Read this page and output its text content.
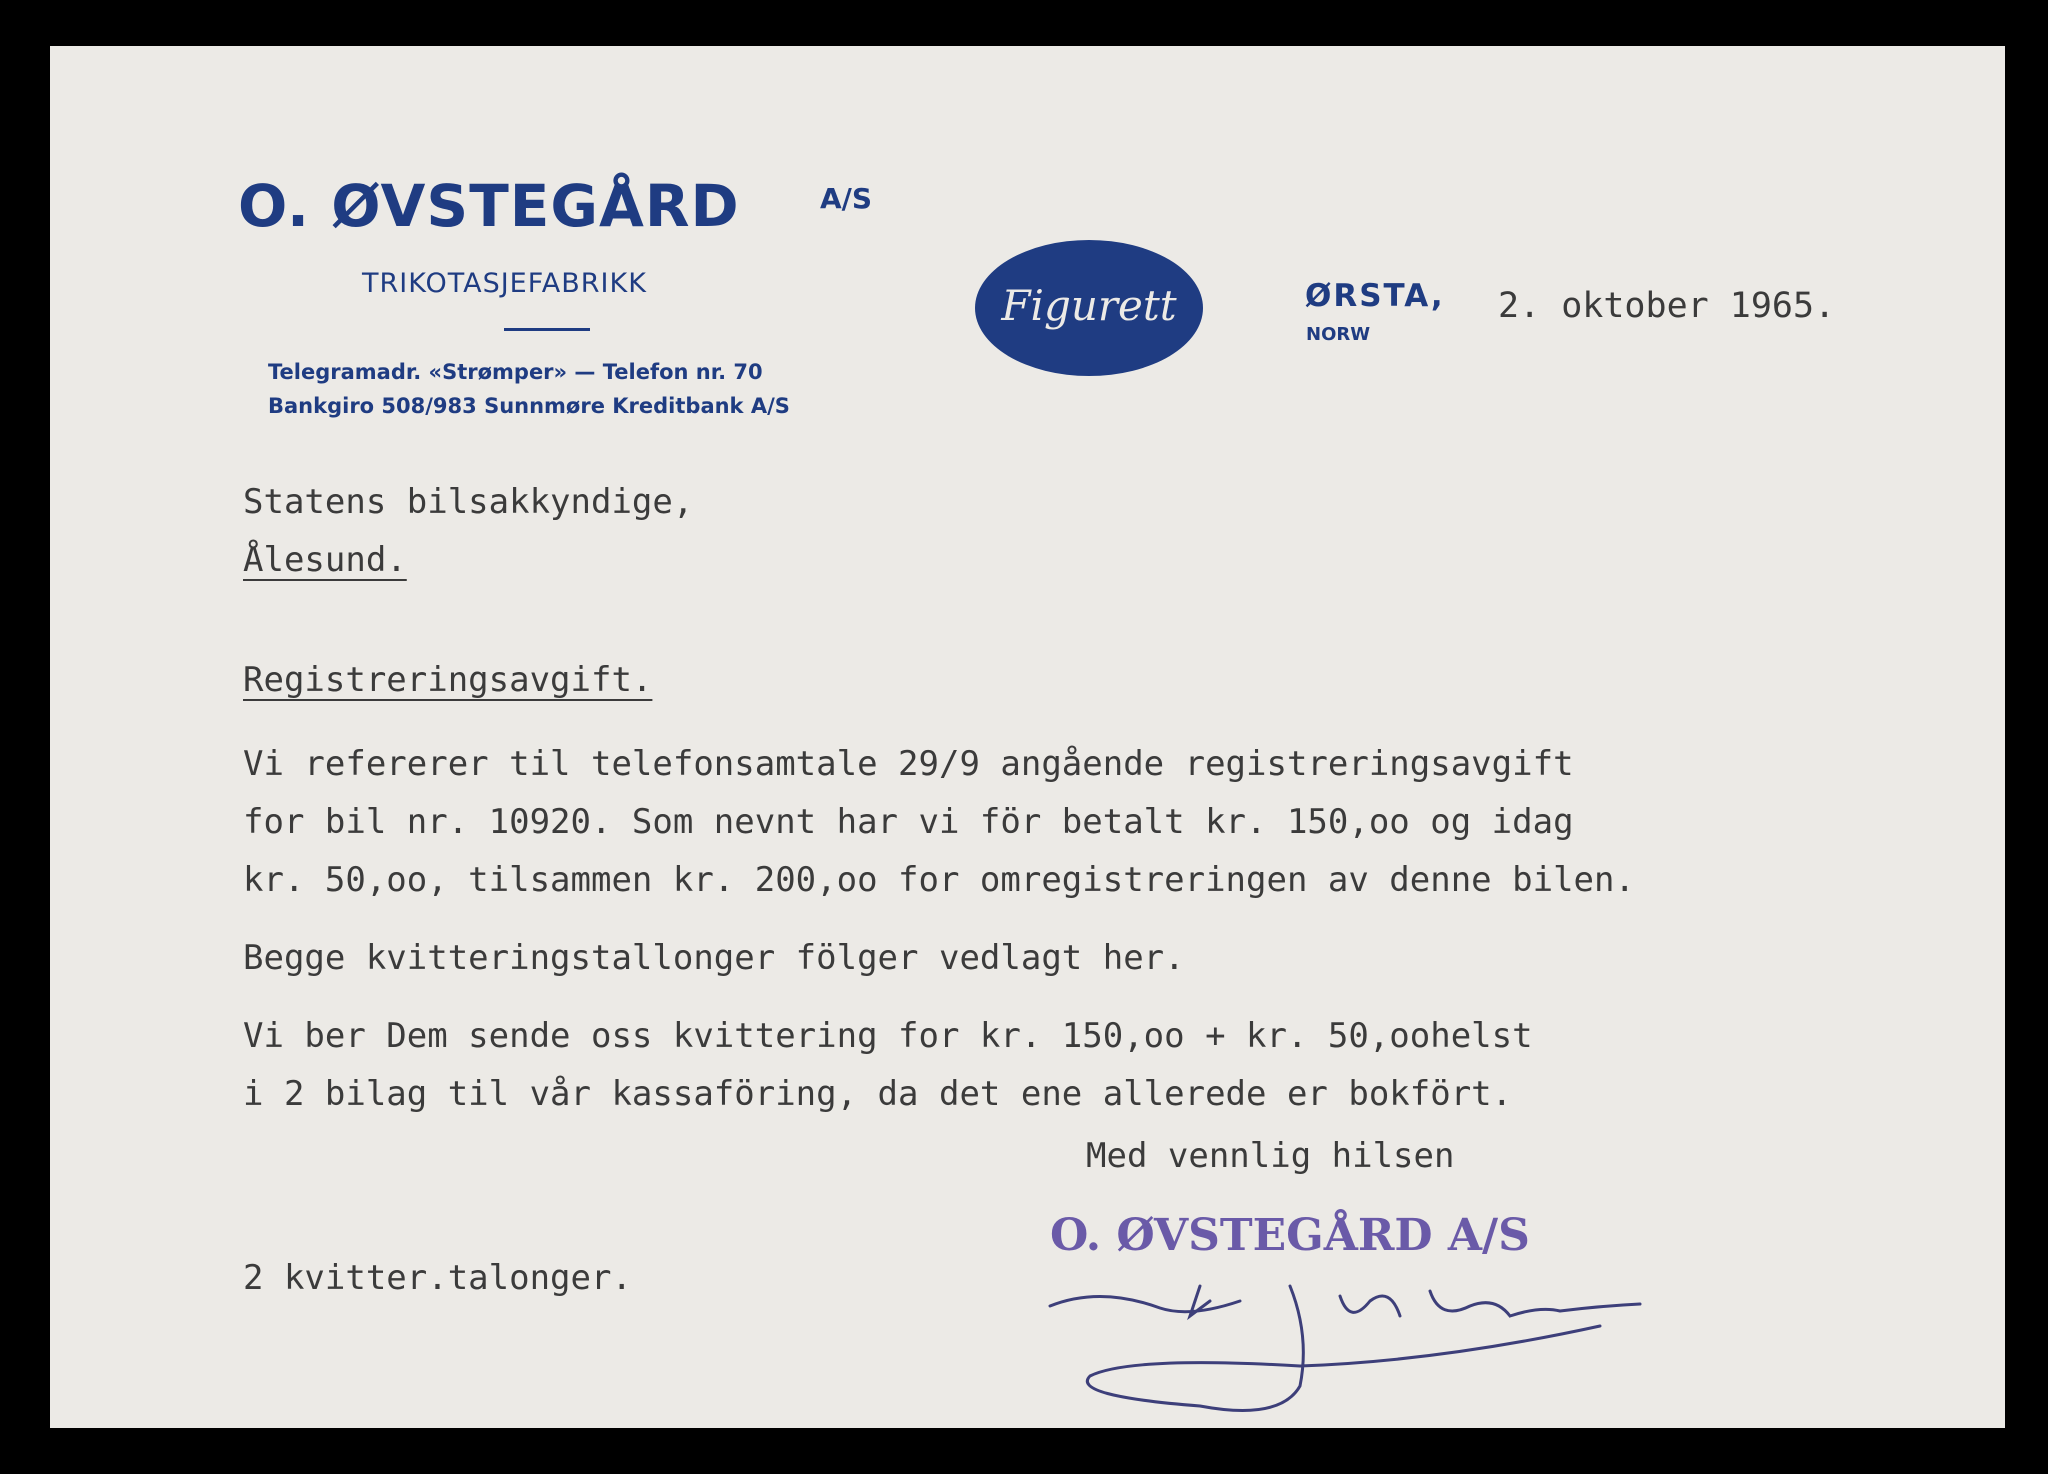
O. ØVSTEGÅRD	A/S
TRIKOTASJEFABRIKK
Telegramadr. «Strømper» — Telefon nr. 70
Bankgiro 508/983 Sunnmøre Kreditbank A/S
Figurett	ØRSTA,
NORW
2. oktober 1965.
Statens bilsakkyndige,
Ålesund.
Registreringsavgift.
Vi refererer til telefonsamtale 29/9 angående registreringsavgift
for bil nr. 10920. Som nevnt har vi för betalt kr. 150,oo og idag
kr. 50,oo, tilsammen kr. 200,oo for omregistreringen av denne bilen.
Begge kvitteringstallonger fölger vedlagt her.
Vi ber Dem sende oss kvittering for kr. 150,oo + kr. 50,oohelst
i 2 bilag til vår kassaföring, da det ene allerede er bokfört.
Med vennlig hilsen
O. ØVSTEGÅRD A/S
2 kvitter.talonger.
